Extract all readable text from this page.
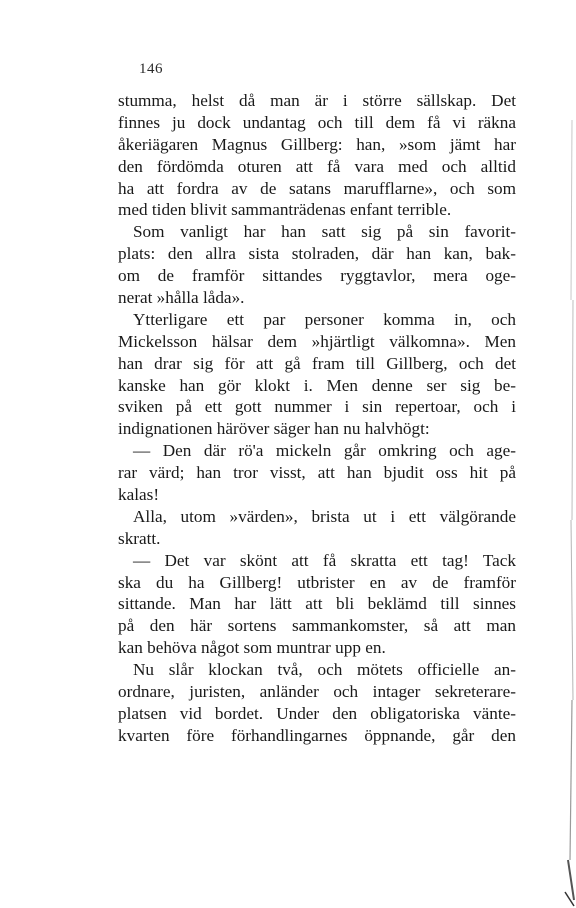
146
stumma, helst då man är i större sällskap. Det
finnes ju dock undantag och till dem få vi räkna
åkeriägaren Magnus Gillberg: han, »som jämt har
den fördömda oturen att få vara med och alltid
ha att fordra av de satans marufflarne», och som
med tiden blivit sammanträdenas enfant terrible.
Som vanligt har han satt sig på sin favorit-
plats: den allra sista stolraden, där han kan, bak-
om de framför sittandes ryggtavlor, mera oge-
nerat »hålla låda».
Ytterligare ett par personer komma in, och
Mickelsson hälsar dem »hjärtligt välkomna». Men
han drar sig för att gå fram till Gillberg, och det
kanske han gör klokt i. Men denne ser sig be-
sviken på ett gott nummer i sin repertoar, och i
indignationen häröver säger han nu halvhögt:
— Den där rö'a mickeln går omkring och age-
rar värd; han tror visst, att han bjudit oss hit på
kalas!
Alla, utom »värden», brista ut i ett välgörande
skratt.
— Det var skönt att få skratta ett tag! Tack
ska du ha Gillberg! utbrister en av de framför
sittande. Man har lätt att bli beklämd till sinnes
på den här sortens sammankomster, så att man
kan behöva något som muntrar upp en.
Nu slår klockan två, och mötets officielle an-
ordnare, juristen, anländer och intager sekreterare-
platsen vid bordet. Under den obligatoriska vänte-
kvarten före förhandlingarnes öppnande, går den
